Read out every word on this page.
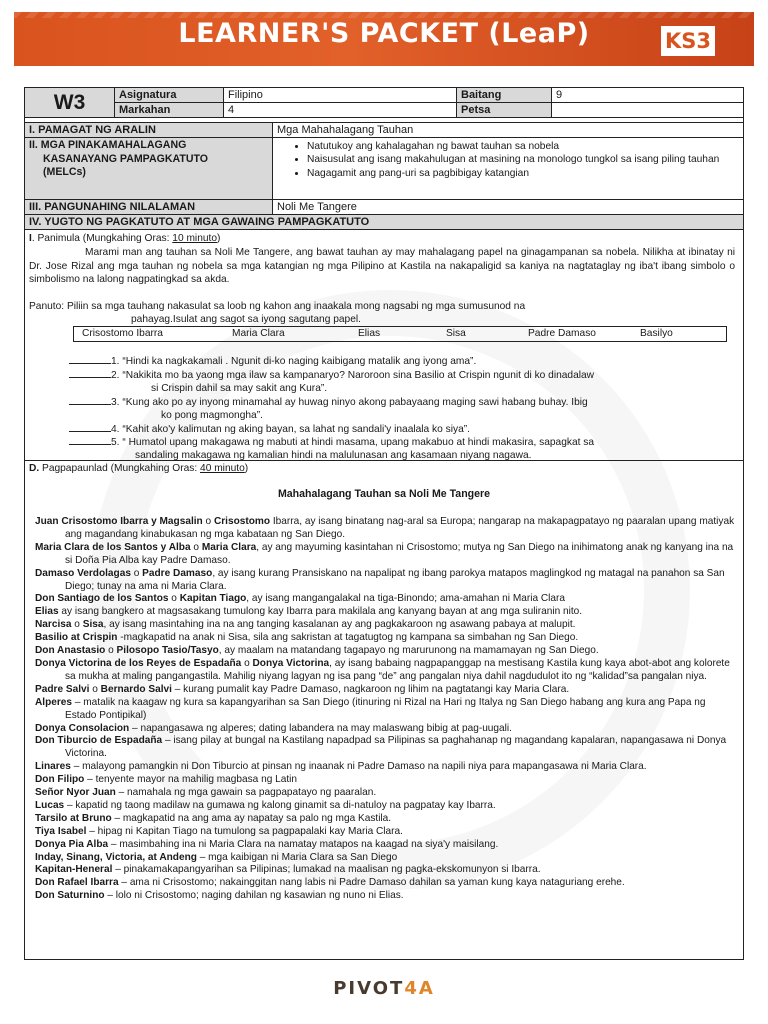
LEARNER'S PACKET (LeaP)	KS3
W3	Asignatura	Filipino	Baitang	9
Markahan	4	Petsa
I. PAMAGAT NG ARALIN	Mga Mahahalagang Tauhan
II. MGA PINAKAMAHALAGANG
KASANAYANG PAMPAGKATUTO
(MELCs)
• Natutukoy ang kahalagahan ng bawat tauhan sa nobela
• Naisusulat ang isang makahulugan at masining na monologo tungkol sa isang piling tauhan
• Nagagamit ang pang-uri sa pagbibigay katangian
III. PANGUNAHING NILALAMAN	Noli Me Tangere
IV. YUGTO NG PAGKATUTO AT MGA GAWAING PAMPAGKATUTO
I. Panimula (Mungkahing Oras: 10 minuto)
Marami man ang tauhan sa Noli Me Tangere, ang bawat tauhan ay may mahalagang papel na ginagampanan sa nobela. Nilikha at ibinatay ni Dr. Jose Rizal ang mga tauhan ng nobela sa mga katangian ng mga Pilipino at Kastila na nakapaligid sa kaniya na nagtataglay ng iba't ibang simbolo o simbolismo na lalong nagpatingkad sa akda.
Panuto: Piliin sa mga tauhang nakasulat sa loob ng kahon ang inaakala mong nagsabi ng mga sumusunod na
pahayag.Isulat ang sagot sa iyong sagutang papel.
Crisostomo Ibarra	Maria Clara	Elias	Sisa	Padre Damaso	Basilyo
1. “Hindi ka nagkakamali . Ngunit di-ko naging kaibigang matalik ang iyong ama”.
2. “Nakikita mo ba yaong mga ilaw sa kampanaryo? Naroroon sina Basilio at Crispin ngunit di ko dinadalaw
si Crispin dahil sa may sakit ang Kura”.
3. “Kung ako po ay inyong minamahal ay huwag ninyo akong pabayaang maging sawi habang buhay. Ibig
ko pong magmongha”.
4. “Kahit ako'y kalimutan ng aking bayan, sa lahat ng sandali'y inaalala ko siya”.
5. “ Humatol upang makagawa ng mabuti at hindi masama, upang makabuo at hindi makasira, sapagkat sa
sandaling makagawa ng kamalian hindi na malulunasan ang kasamaan niyang nagawa.
D. Pagpapaunlad (Mungkahing Oras: 40 minuto)
Mahahalagang Tauhan sa Noli Me Tangere

Juan Crisostomo Ibarra y Magsalin o Crisostomo Ibarra, ay isang binatang nag-aral sa Europa; nangarap na makapagpatayo ng paaralan upang matiyak ang magandang kinabukasan ng mga kabataan ng San Diego.

Maria Clara de los Santos y Alba o Maria Clara, ay ang mayuming kasintahan ni Crisostomo; mutya ng San Diego na inihimatong anak ng kanyang ina na si Doña Pia Alba kay Padre Damaso.

Damaso Verdolagas o Padre Damaso, ay isang kurang Pransiskano na napalipat ng ibang parokya matapos maglingkod ng matagal na panahon sa San Diego; tunay na ama ni Maria Clara.

Don Santiago de los Santos o Kapitan Tiago, ay isang mangangalakal na tiga-Binondo; ama-amahan ni Maria Clara

Elias ay isang bangkero at magsasakang tumulong kay Ibarra para makilala ang kanyang bayan at ang mga suliranin nito.

Narcisa o Sisa, ay isang masintahing ina na ang tanging kasalanan ay ang pagkakaroon ng asawang pabaya at malupit.

Basilio at Crispin -magkapatid na anak ni Sisa, sila ang sakristan at tagatugtog ng kampana sa simbahan ng San Diego.

Don Anastasio o Pilosopo Tasio/Tasyo, ay maalam na matandang tagapayo ng marurunong na mamamayan ng San Diego.

Donya Victorina de los Reyes de Espadaña o Donya Victorina, ay isang babaing nagpapanggap na mestisang Kastila kung kaya abot-abot ang kolorete sa mukha at maling pangangastila. Mahilig niyang lagyan ng isa pang “de” ang pangalan niya dahil nagdudulot ito ng “kalidad”sa pangalan niya.

Padre Salvi o Bernardo Salvi – kurang pumalit kay Padre Damaso, nagkaroon ng lihim na pagtatangi kay Maria Clara.

Alperes – matalik na kaagaw ng kura sa kapangyarihan sa San Diego (itinuring ni Rizal na Hari ng Italya ng San Diego habang ang kura ang Papa ng Estado Pontipikal)

Donya Consolacion – napangasawa ng alperes; dating labandera na may malaswang bibig at pag-uugali.

Don Tiburcio de Espadaña – isang pilay at bungal na Kastilang napadpad sa Pilipinas sa paghahanap ng magandang kapalaran, napangasawa ni Donya Victorina.

Linares – malayong pamangkin ni Don Tiburcio at pinsan ng inaanak ni Padre Damaso na napili niya para mapangasawa ni Maria Clara.

Don Filipo – tenyente mayor na mahilig magbasa ng Latin

Señor Nyor Juan – namahala ng mga gawain sa pagpapatayo ng paaralan.

Lucas – kapatid ng taong madilaw na gumawa ng kalong ginamit sa di-natuloy na pagpatay kay Ibarra.

Tarsilo at Bruno – magkapatid na ang ama ay napatay sa palo ng mga Kastila.

Tiya Isabel – hipag ni Kapitan Tiago na tumulong sa pagpapalaki kay Maria Clara.

Donya Pia Alba – masimbahing ina ni Maria Clara na namatay matapos na kaagad na siya'y maisilang.

Inday, Sinang, Victoria, at Andeng – mga kaibigan ni Maria Clara sa San Diego

Kapitan-Heneral – pinakamakapangyarihan sa Pilipinas; lumakad na maalisan ng pagka-ekskomunyon si Ibarra.

Don Rafael Ibarra – ama ni Crisostomo; nakainggitan nang labis ni Padre Damaso dahilan sa yaman kung kaya nataguriang erehe.

Don Saturnino – lolo ni Crisostomo; naging dahilan ng kasawian ng nuno ni Elias.

PIVOT4A
